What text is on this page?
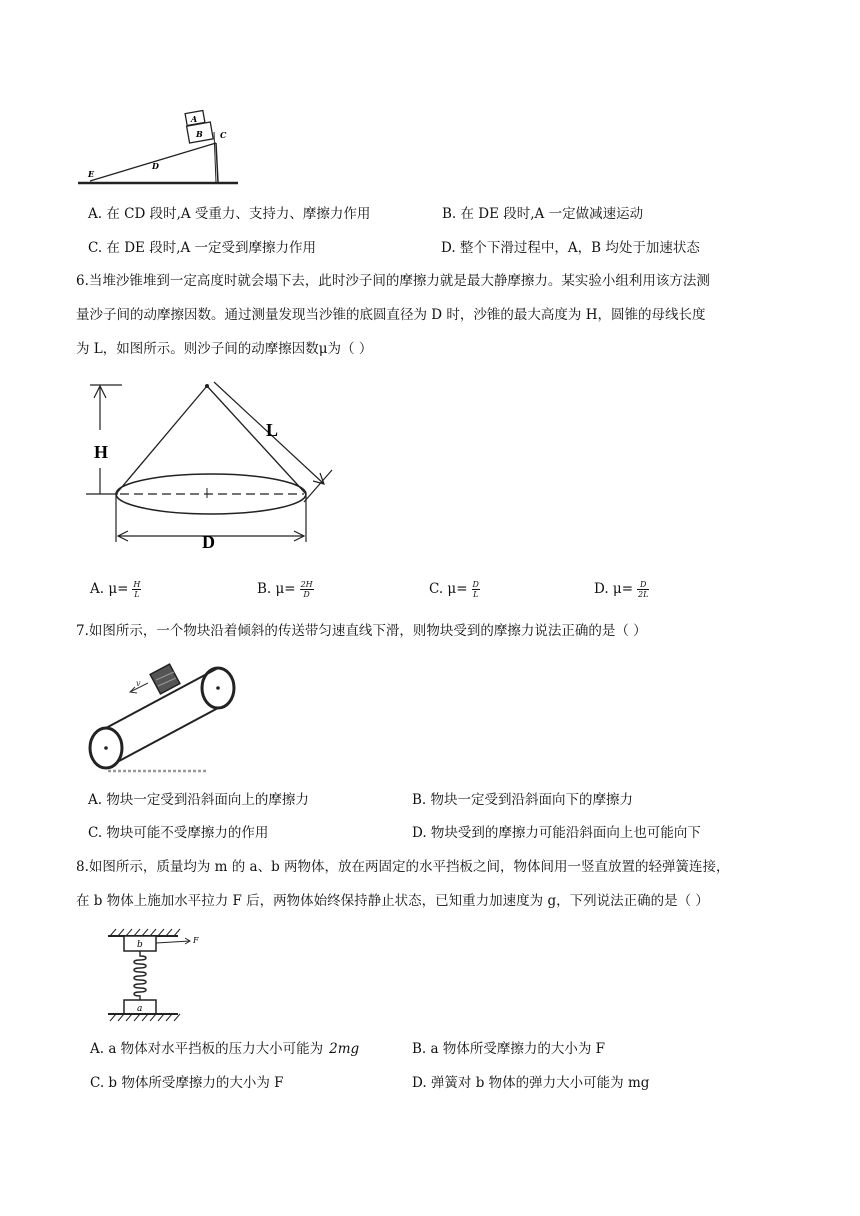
A
B C
D
E
A. 在 CD 段时,A 受重力、支持力、摩擦力作用	B. 在 DE 段时,A 一定做减速运动
C. 在 DE 段时,A 一定受到摩擦力作用	D. 整个下滑过程中，A，B 均处于加速状态
6.当堆沙锥堆到一定高度时就会塌下去，此时沙子间的摩擦力就是最大静摩擦力。某实验小组利用该方法测
量沙子间的动摩擦因数。通过测量发现当沙锥的底圆直径为 D 时，沙锥的最大高度为 H，圆锥的母线长度
为 L，如图所示。则沙子间的动摩擦因数μ为（ ）
H
L
D
A. $\mu= \frac{H}{L}$	B. $\mu= \frac{2H}{D}$	C. $\mu= \frac{D}{L}$	D. $\mu= \frac{D}{2L}$
7.如图所示，一个物块沿着倾斜的传送带匀速直线下滑，则物块受到的摩擦力说法正确的是（ ）
v
A. 物块一定受到沿斜面向上的摩擦力	B. 物块一定受到沿斜面向下的摩擦力
C. 物块可能不受摩擦力的作用	D. 物块受到的摩擦力可能沿斜面向上也可能向下
8.如图所示，质量均为 m 的 a、b 两物体，放在两固定的水平挡板之间，物体间用一竖直放置的轻弹簧连接，
在 b 物体上施加水平拉力 F 后，两物体始终保持静止状态，已知重力加速度为 g，下列说法正确的是（ ）
b	F
a
A. a 物体对水平挡板的压力大小可能为 2mg	B. a 物体所受摩擦力的大小为 F
C. b 物体所受摩擦力的大小为 F	D. 弹簧对 b 物体的弹力大小可能为 mg
